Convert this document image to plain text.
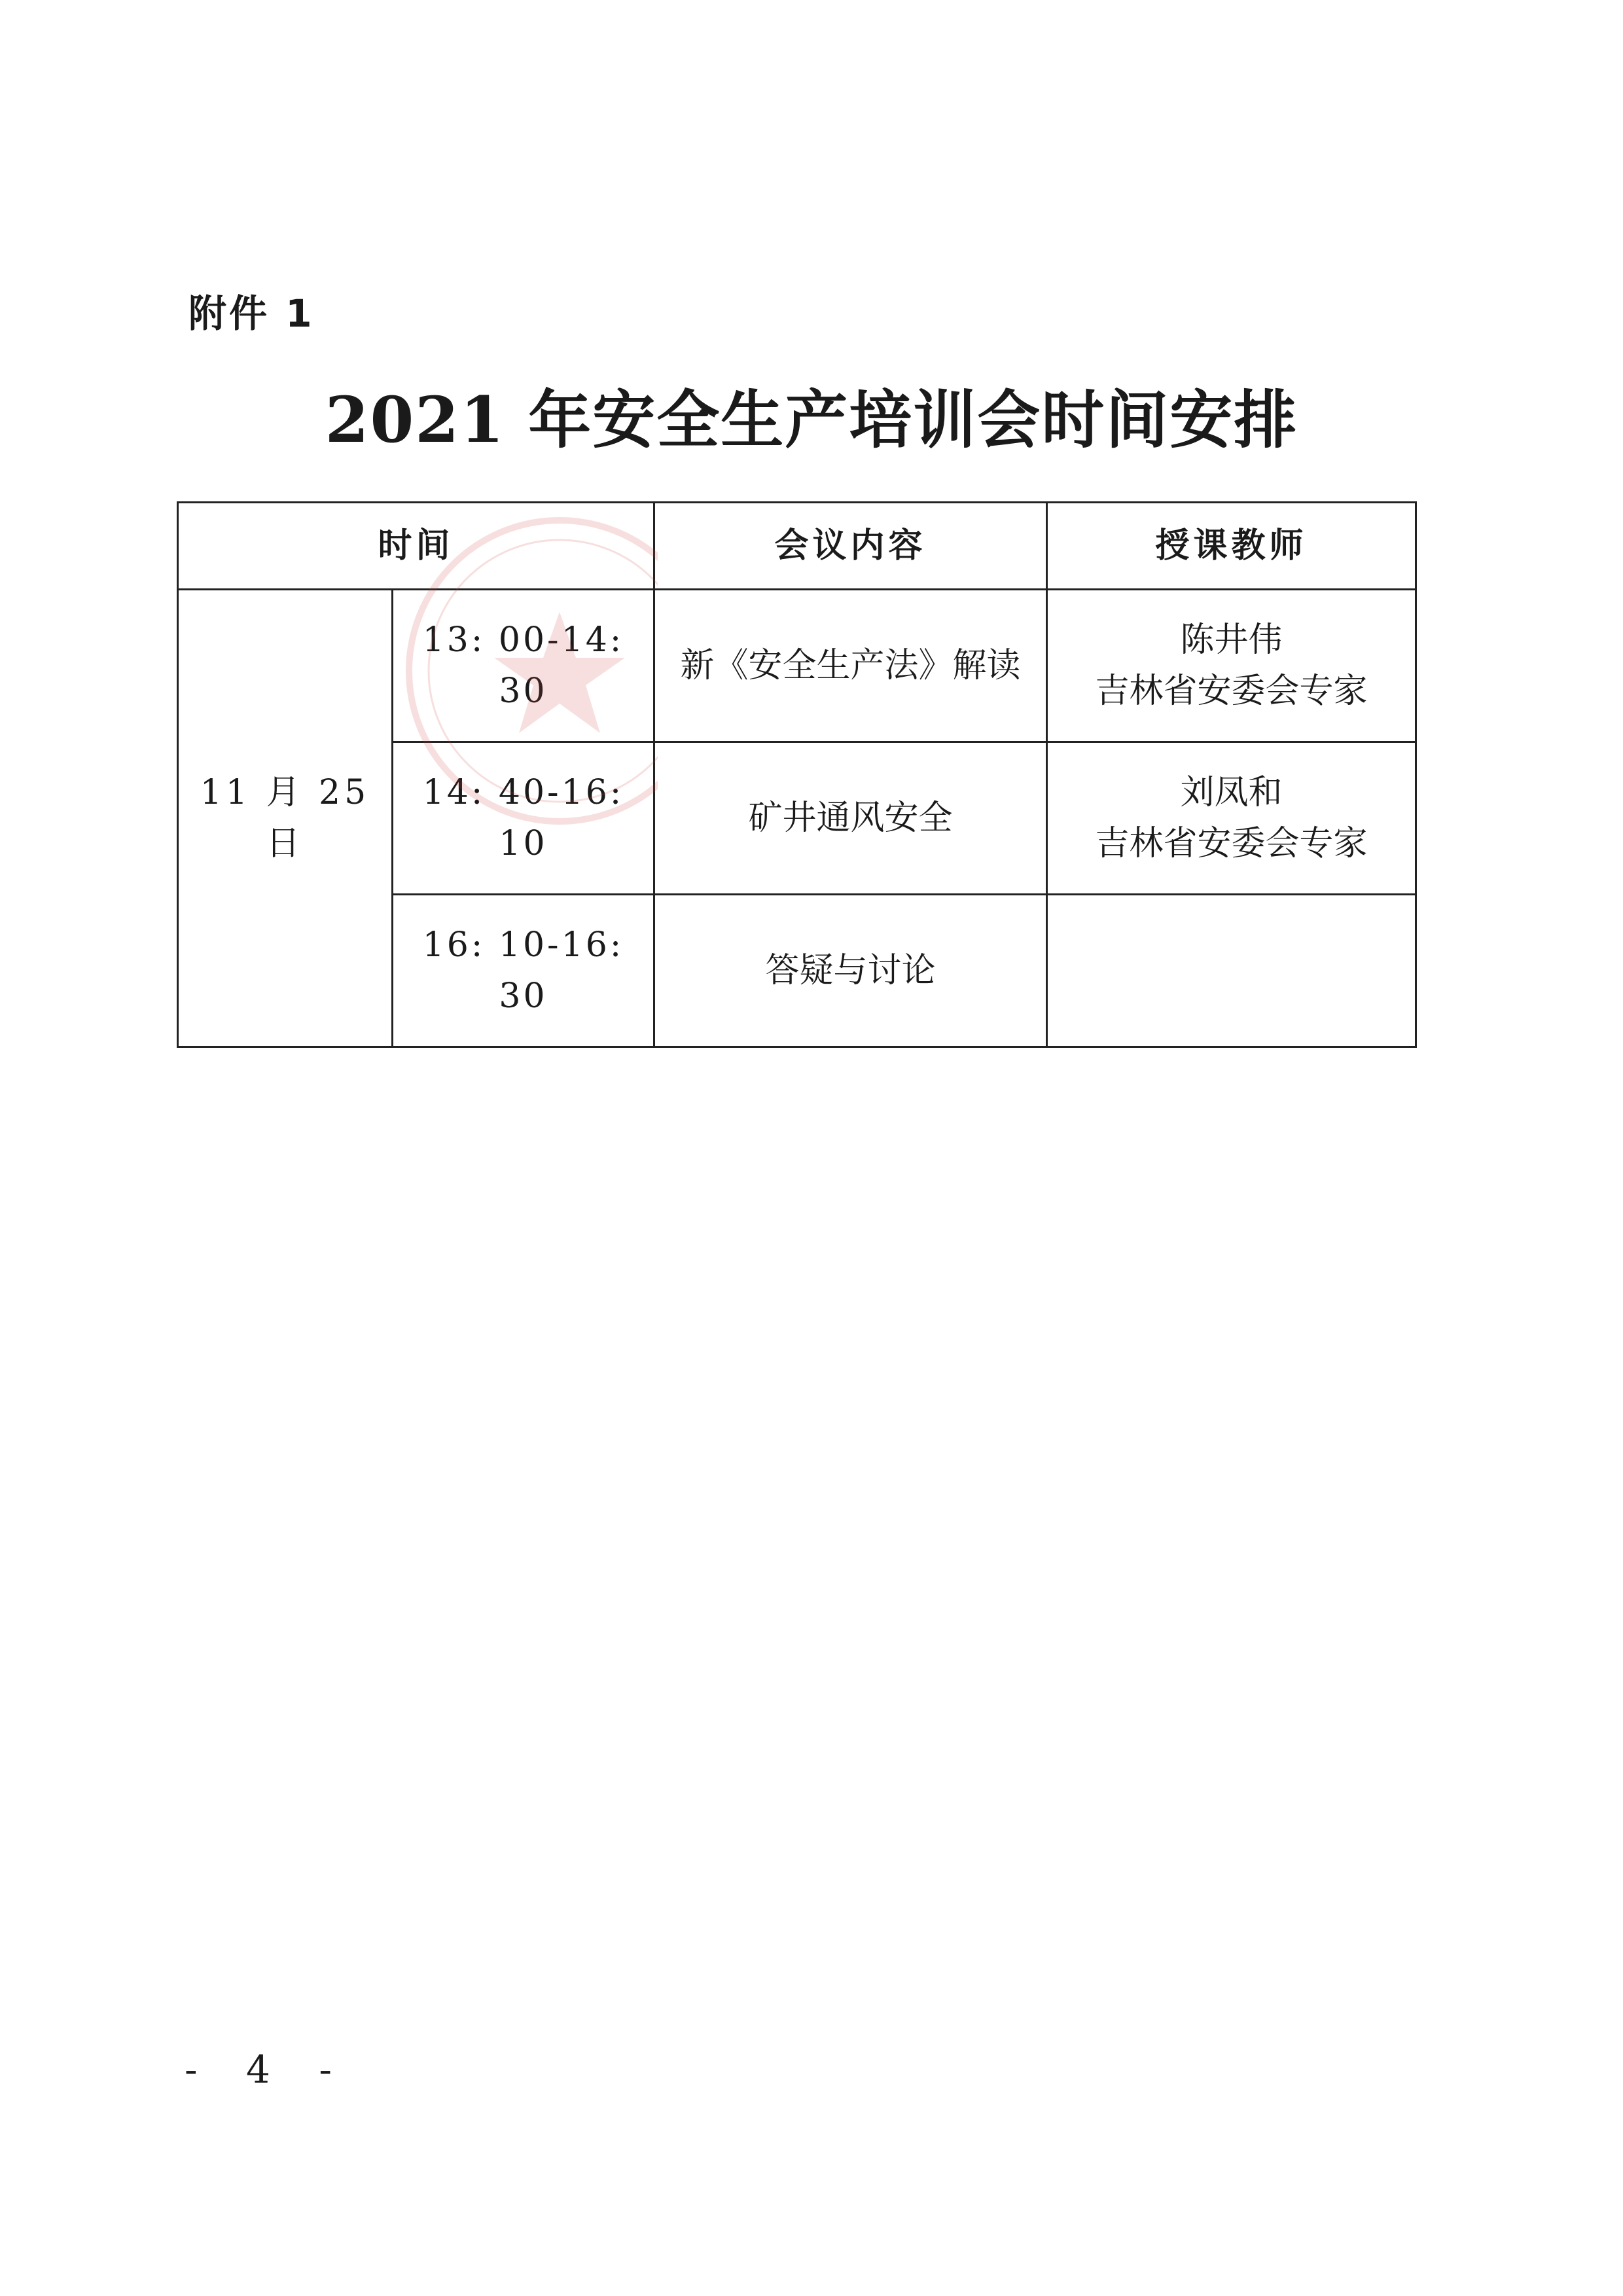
附件 1
2021 年安全生产培训会时间安排
时间		会议内容	授课教师
11 月 25 日	13: 00-14: 30	新《安全生产法》解读	陈井伟
吉林省安委会专家

	14: 40-16: 10	矿井通风安全	刘凤和
吉林省安委会专家

	16: 10-16: 30	答疑与讨论	
- 4 -
